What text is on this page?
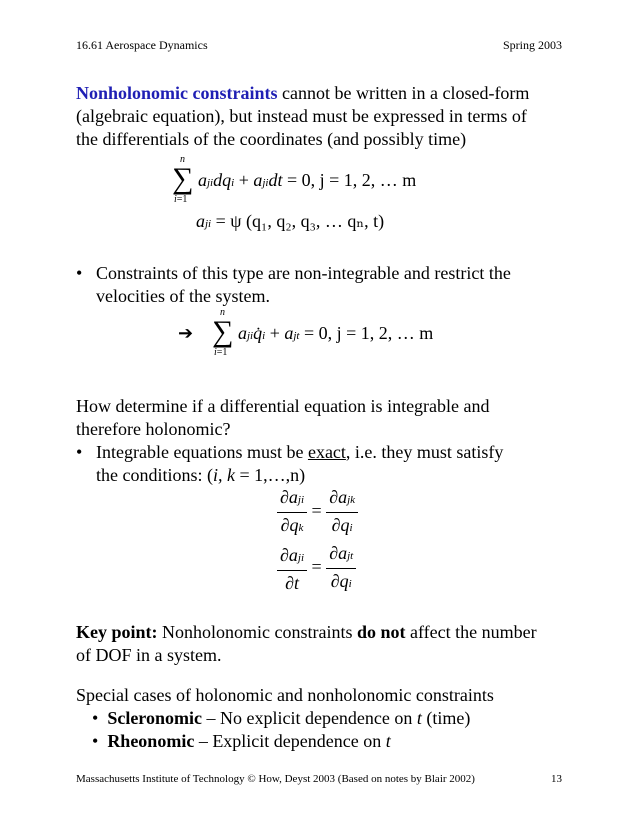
16.61 Aerospace Dynamics	Spring 2003
Nonholonomic constraints cannot be written in a closed-form
(algebraic equation), but instead must be expressed in terms of
the differentials of the coordinates (and possibly time)
n
∑
i=1
ajidqi + ajidt = 0, j = 1, 2, … m
aji = ψ (q₁, q₂, q₃, … qₙ, t)
• Constraints of this type are non-integrable and restrict the
velocities of the system.
➔
n
∑
i=1
ajiq̇i + ajt = 0, j = 1, 2, … m
How determine if a differential equation is integrable and
therefore holonomic?
• Integrable equations must be exact, i.e. they must satisfy
the conditions: (i, k = 1,…,n)
$\frac{\text{∂aji}}{\partial qk} = \frac{\text{∂ajk}}{\partial qi}$
$\frac{\text{∂aji}}{\partial t} = \frac{\text{∂ajt}}{\partial qi}$
Key point: Nonholonomic constraints do not affect the number
of DOF in a system.
Special cases of holonomic and nonholonomic constraints
• Scleronomic – No explicit dependence on t (time)
• Rheonomic – Explicit dependence on t
Massachusetts Institute of Technology © How, Deyst 2003 (Based on notes by Blair 2002)	13
